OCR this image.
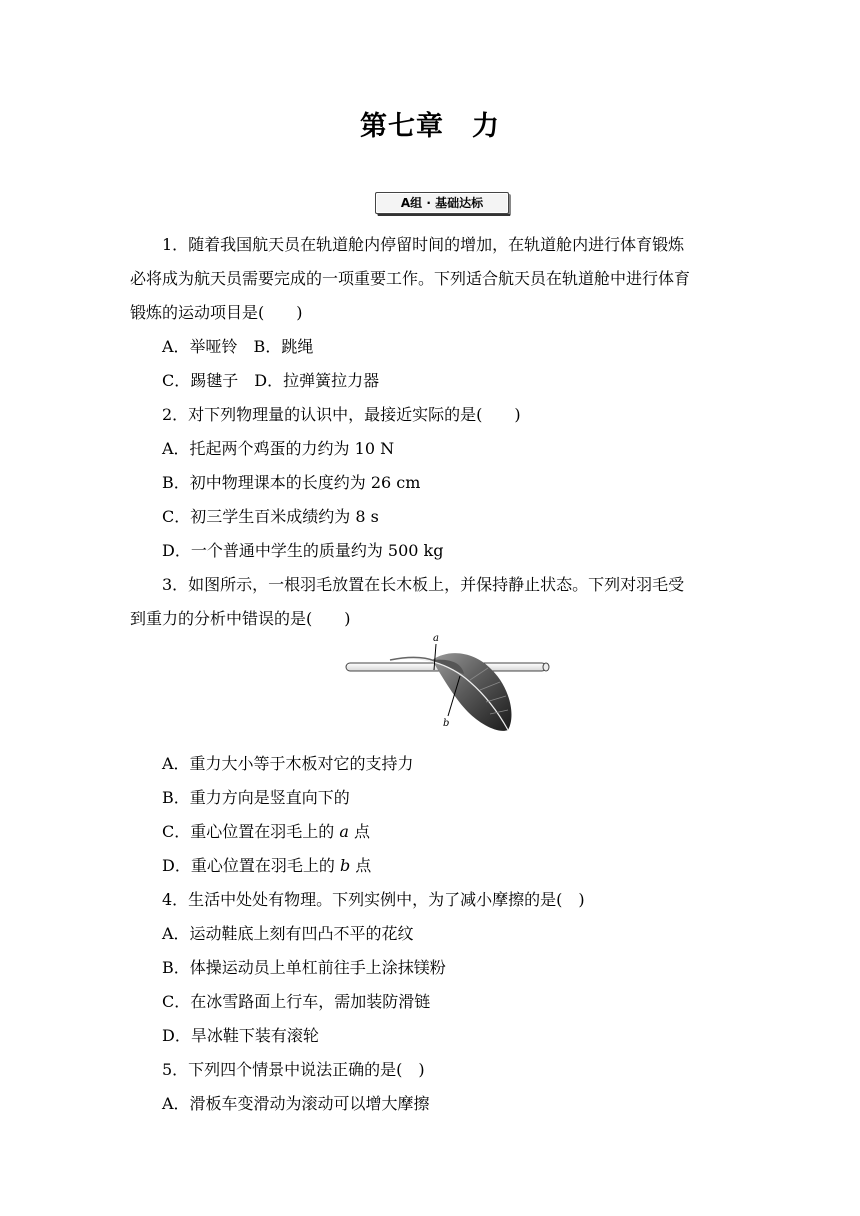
第七章　力
A组 · 基础达标
1．随着我国航天员在轨道舱内停留时间的增加，在轨道舱内进行体育锻炼
必将成为航天员需要完成的一项重要工作。下列适合航天员在轨道舱中进行体育
锻炼的运动项目是(　　)
A．举哑铃　B．跳绳
C．踢毽子　D．拉弹簧拉力器
2．对下列物理量的认识中，最接近实际的是(　　)
A．托起两个鸡蛋的力约为 10 N
B．初中物理课本的长度约为 26 cm
C．初三学生百米成绩约为 8 s
D．一个普通中学生的质量约为 500 kg
3．如图所示，一根羽毛放置在长木板上，并保持静止状态。下列对羽毛受
到重力的分析中错误的是(　　)
a
b
A．重力大小等于木板对它的支持力
B．重力方向是竖直向下的
C．重心位置在羽毛上的 a 点
D．重心位置在羽毛上的 b 点
4．生活中处处有物理。下列实例中，为了减小摩擦的是(　)
A．运动鞋底上刻有凹凸不平的花纹
B．体操运动员上单杠前往手上涂抹镁粉
C．在冰雪路面上行车，需加装防滑链
D．旱冰鞋下装有滚轮
5．下列四个情景中说法正确的是(　)
A．滑板车变滑动为滚动可以增大摩擦
